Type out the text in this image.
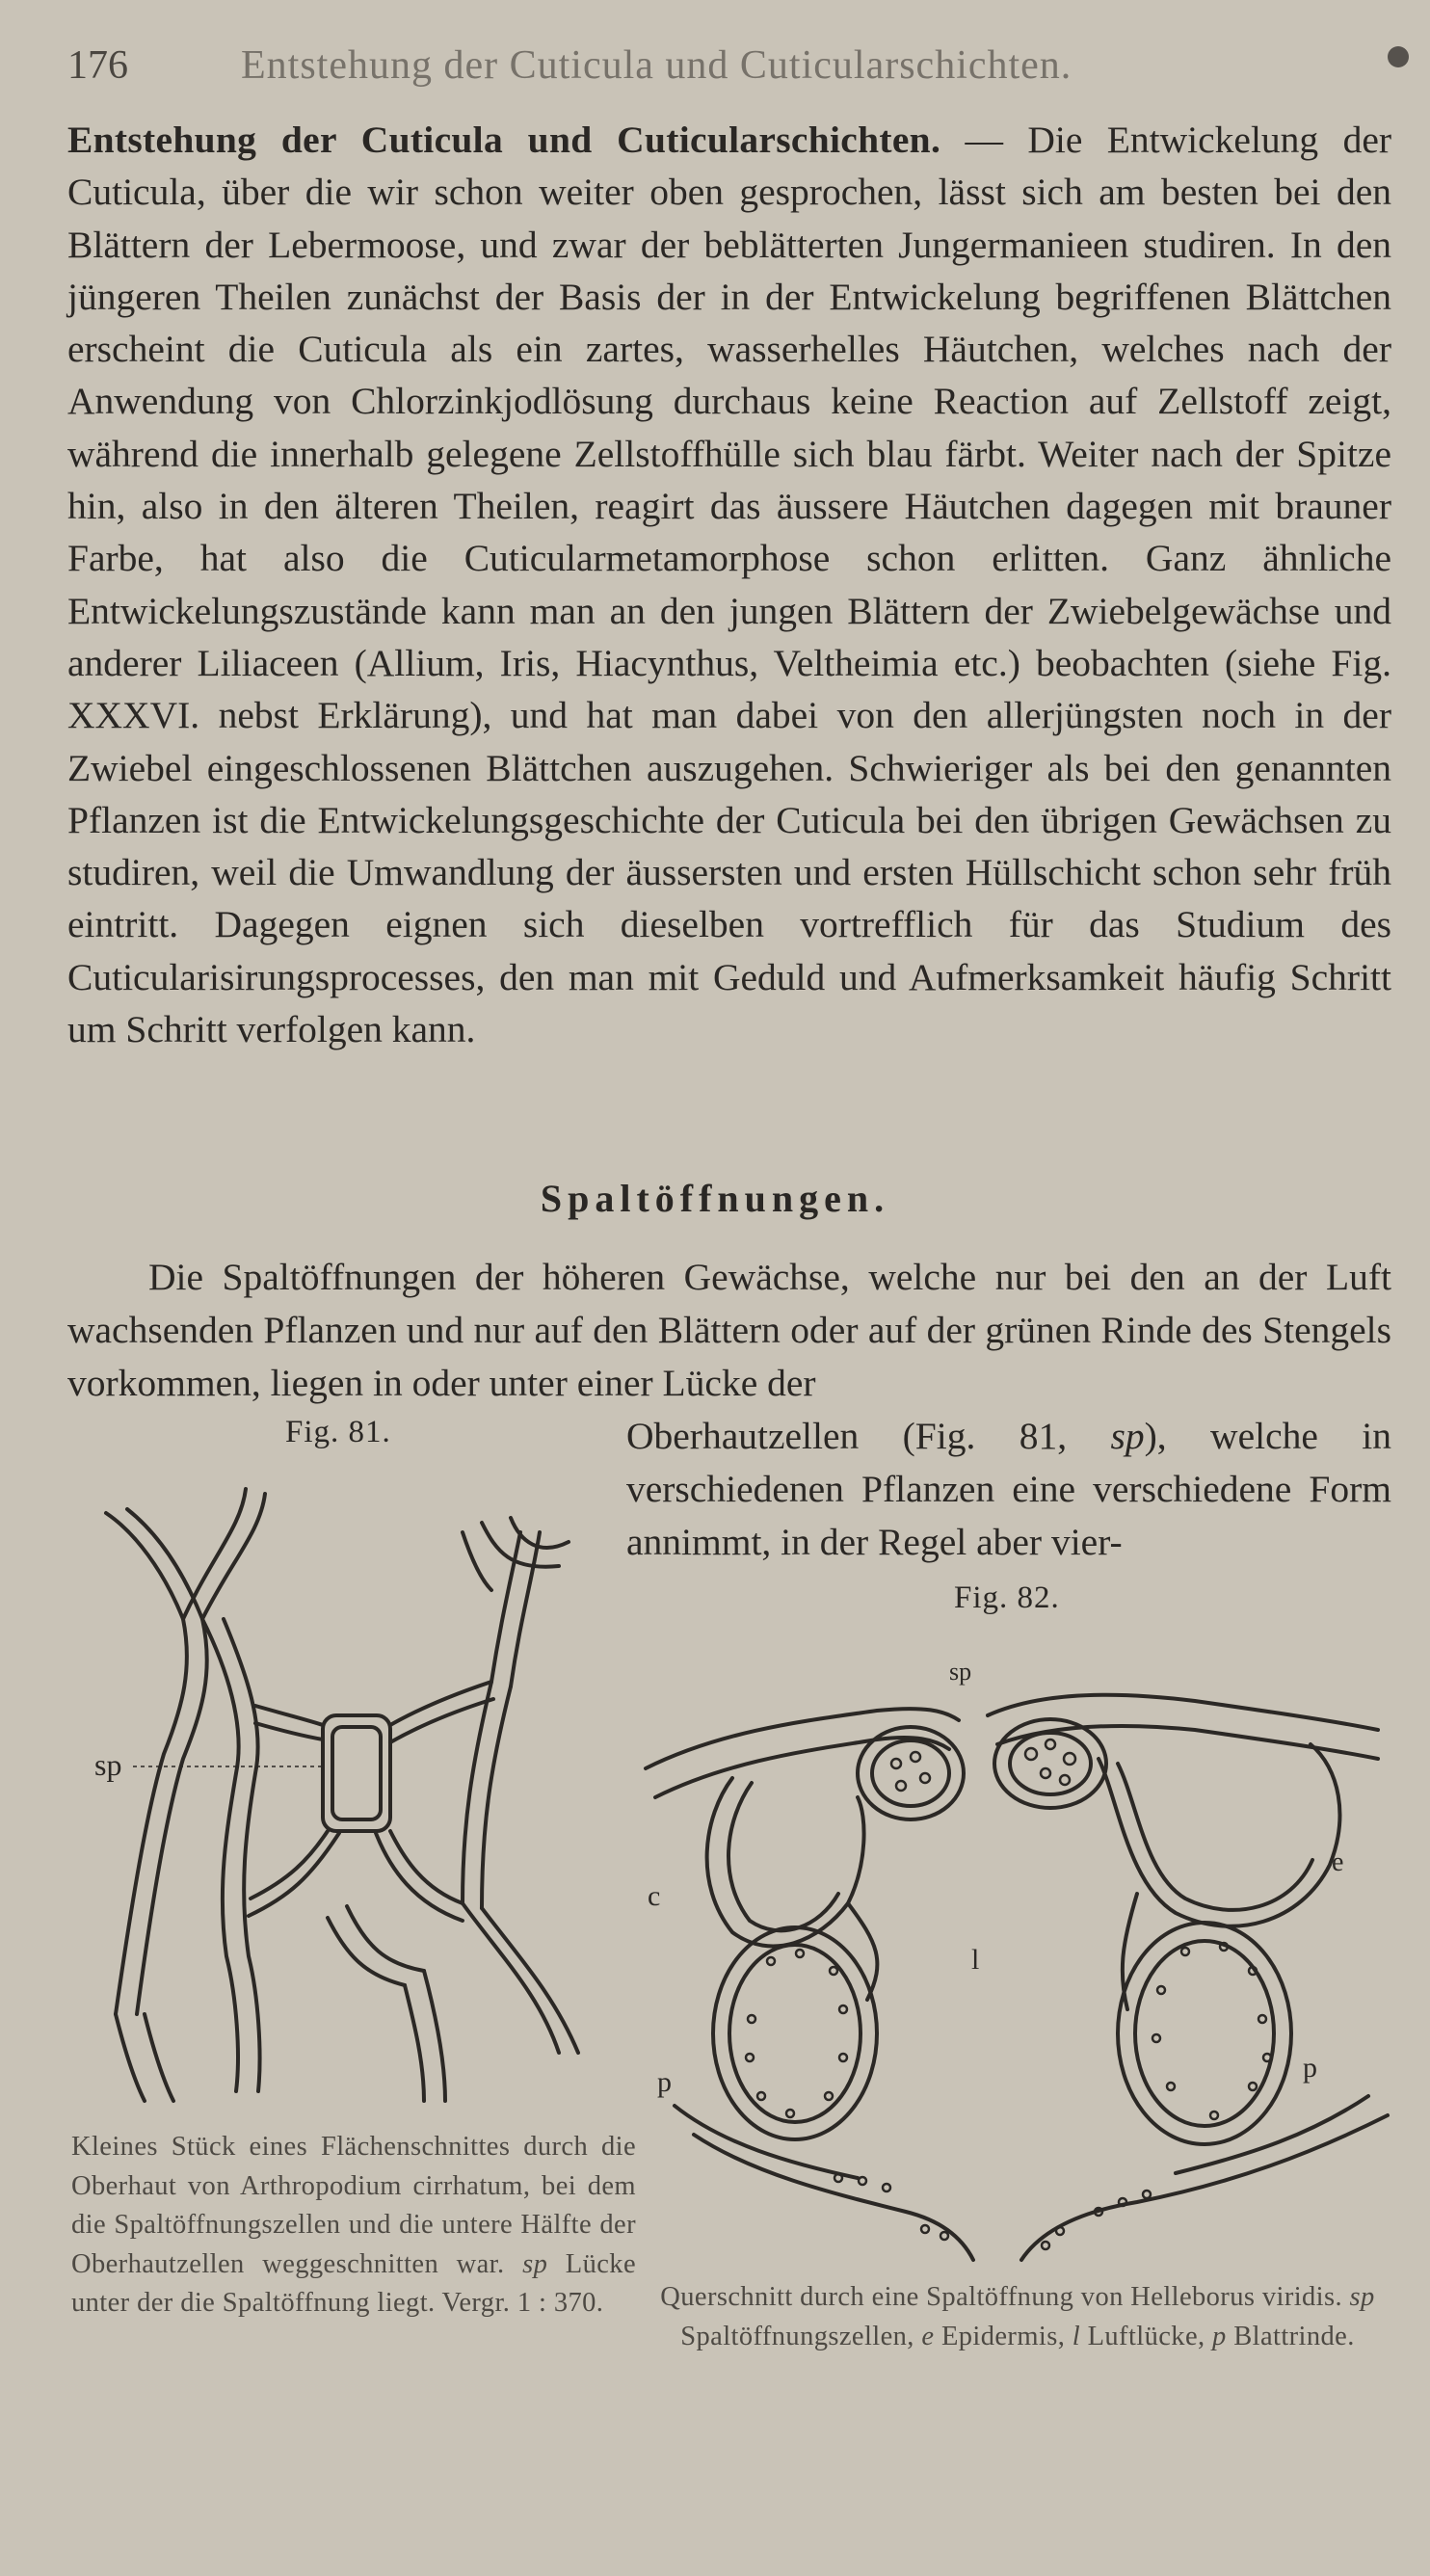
176	Entstehung der Cuticula und Cuticularschichten.

Entstehung der Cuticula und Cuticularschichten. — Die Entwickelung der Cuticula, über die wir schon weiter oben gesprochen, lässt sich am besten bei den Blättern der Lebermoose, und zwar der beblätterten Jungermanieen studiren. In den jüngeren Theilen zunächst der Basis der in der Entwickelung begriffenen Blättchen erscheint die Cuticula als ein zartes, wasserhelles Häutchen, welches nach der Anwendung von Chlorzinkjodlösung durchaus keine Reaction auf Zellstoff zeigt, während die innerhalb gelegene Zellstoffhülle sich blau färbt. Weiter nach der Spitze hin, also in den älteren Theilen, reagirt das äussere Häutchen dagegen mit brauner Farbe, hat also die Cuticularmetamorphose schon erlitten. Ganz ähnliche Entwickelungszustände kann man an den jungen Blättern der Zwiebelgewächse und anderer Liliaceen (Allium, Iris, Hiacynthus, Veltheimia etc.) beobachten (siehe Fig. XXXVI. nebst Erklärung), und hat man dabei von den allerjüngsten noch in der Zwiebel eingeschlossenen Blättchen auszugehen. Schwieriger als bei den genannten Pflanzen ist die Entwickelungsgeschichte der Cuticula bei den übrigen Gewächsen zu studiren, weil die Umwandlung der äussersten und ersten Hüllschicht schon sehr früh eintritt. Dagegen eignen sich dieselben vortrefflich für das Studium des Cuticularisirungsprocesses, den man mit Geduld und Aufmerksamkeit häufig Schritt um Schritt verfolgen kann.

Spaltöffnungen.

Die Spaltöffnungen der höheren Gewächse, welche nur bei den an der Luft wachsenden Pflanzen und nur auf den Blättern oder auf der grünen Rinde des Stengels vorkommen, liegen in oder unter einer Lücke der

Fig. 81.	Oberhautzellen (Fig. 81, sp), welche in verschiedenen Pflanzen eine verschiedene Form annimmt, in der Regel aber vier-

Fig. 82.
sp
sp
c
e
l
p	p

Kleines Stück eines Flächenschnittes durch die Oberhaut von Arthropodium cirrhatum, bei dem die Spaltöffnungszellen und die untere Hälfte der Oberhautzellen weggeschnitten war. sp Lücke unter der die Spaltöffnung liegt. Vergr. 1 : 370.	Querschnitt durch eine Spaltöffnung von Helleborus viridis. sp Spaltöffnungszellen, e Epidermis, l Luftlücke, p Blattrinde.
